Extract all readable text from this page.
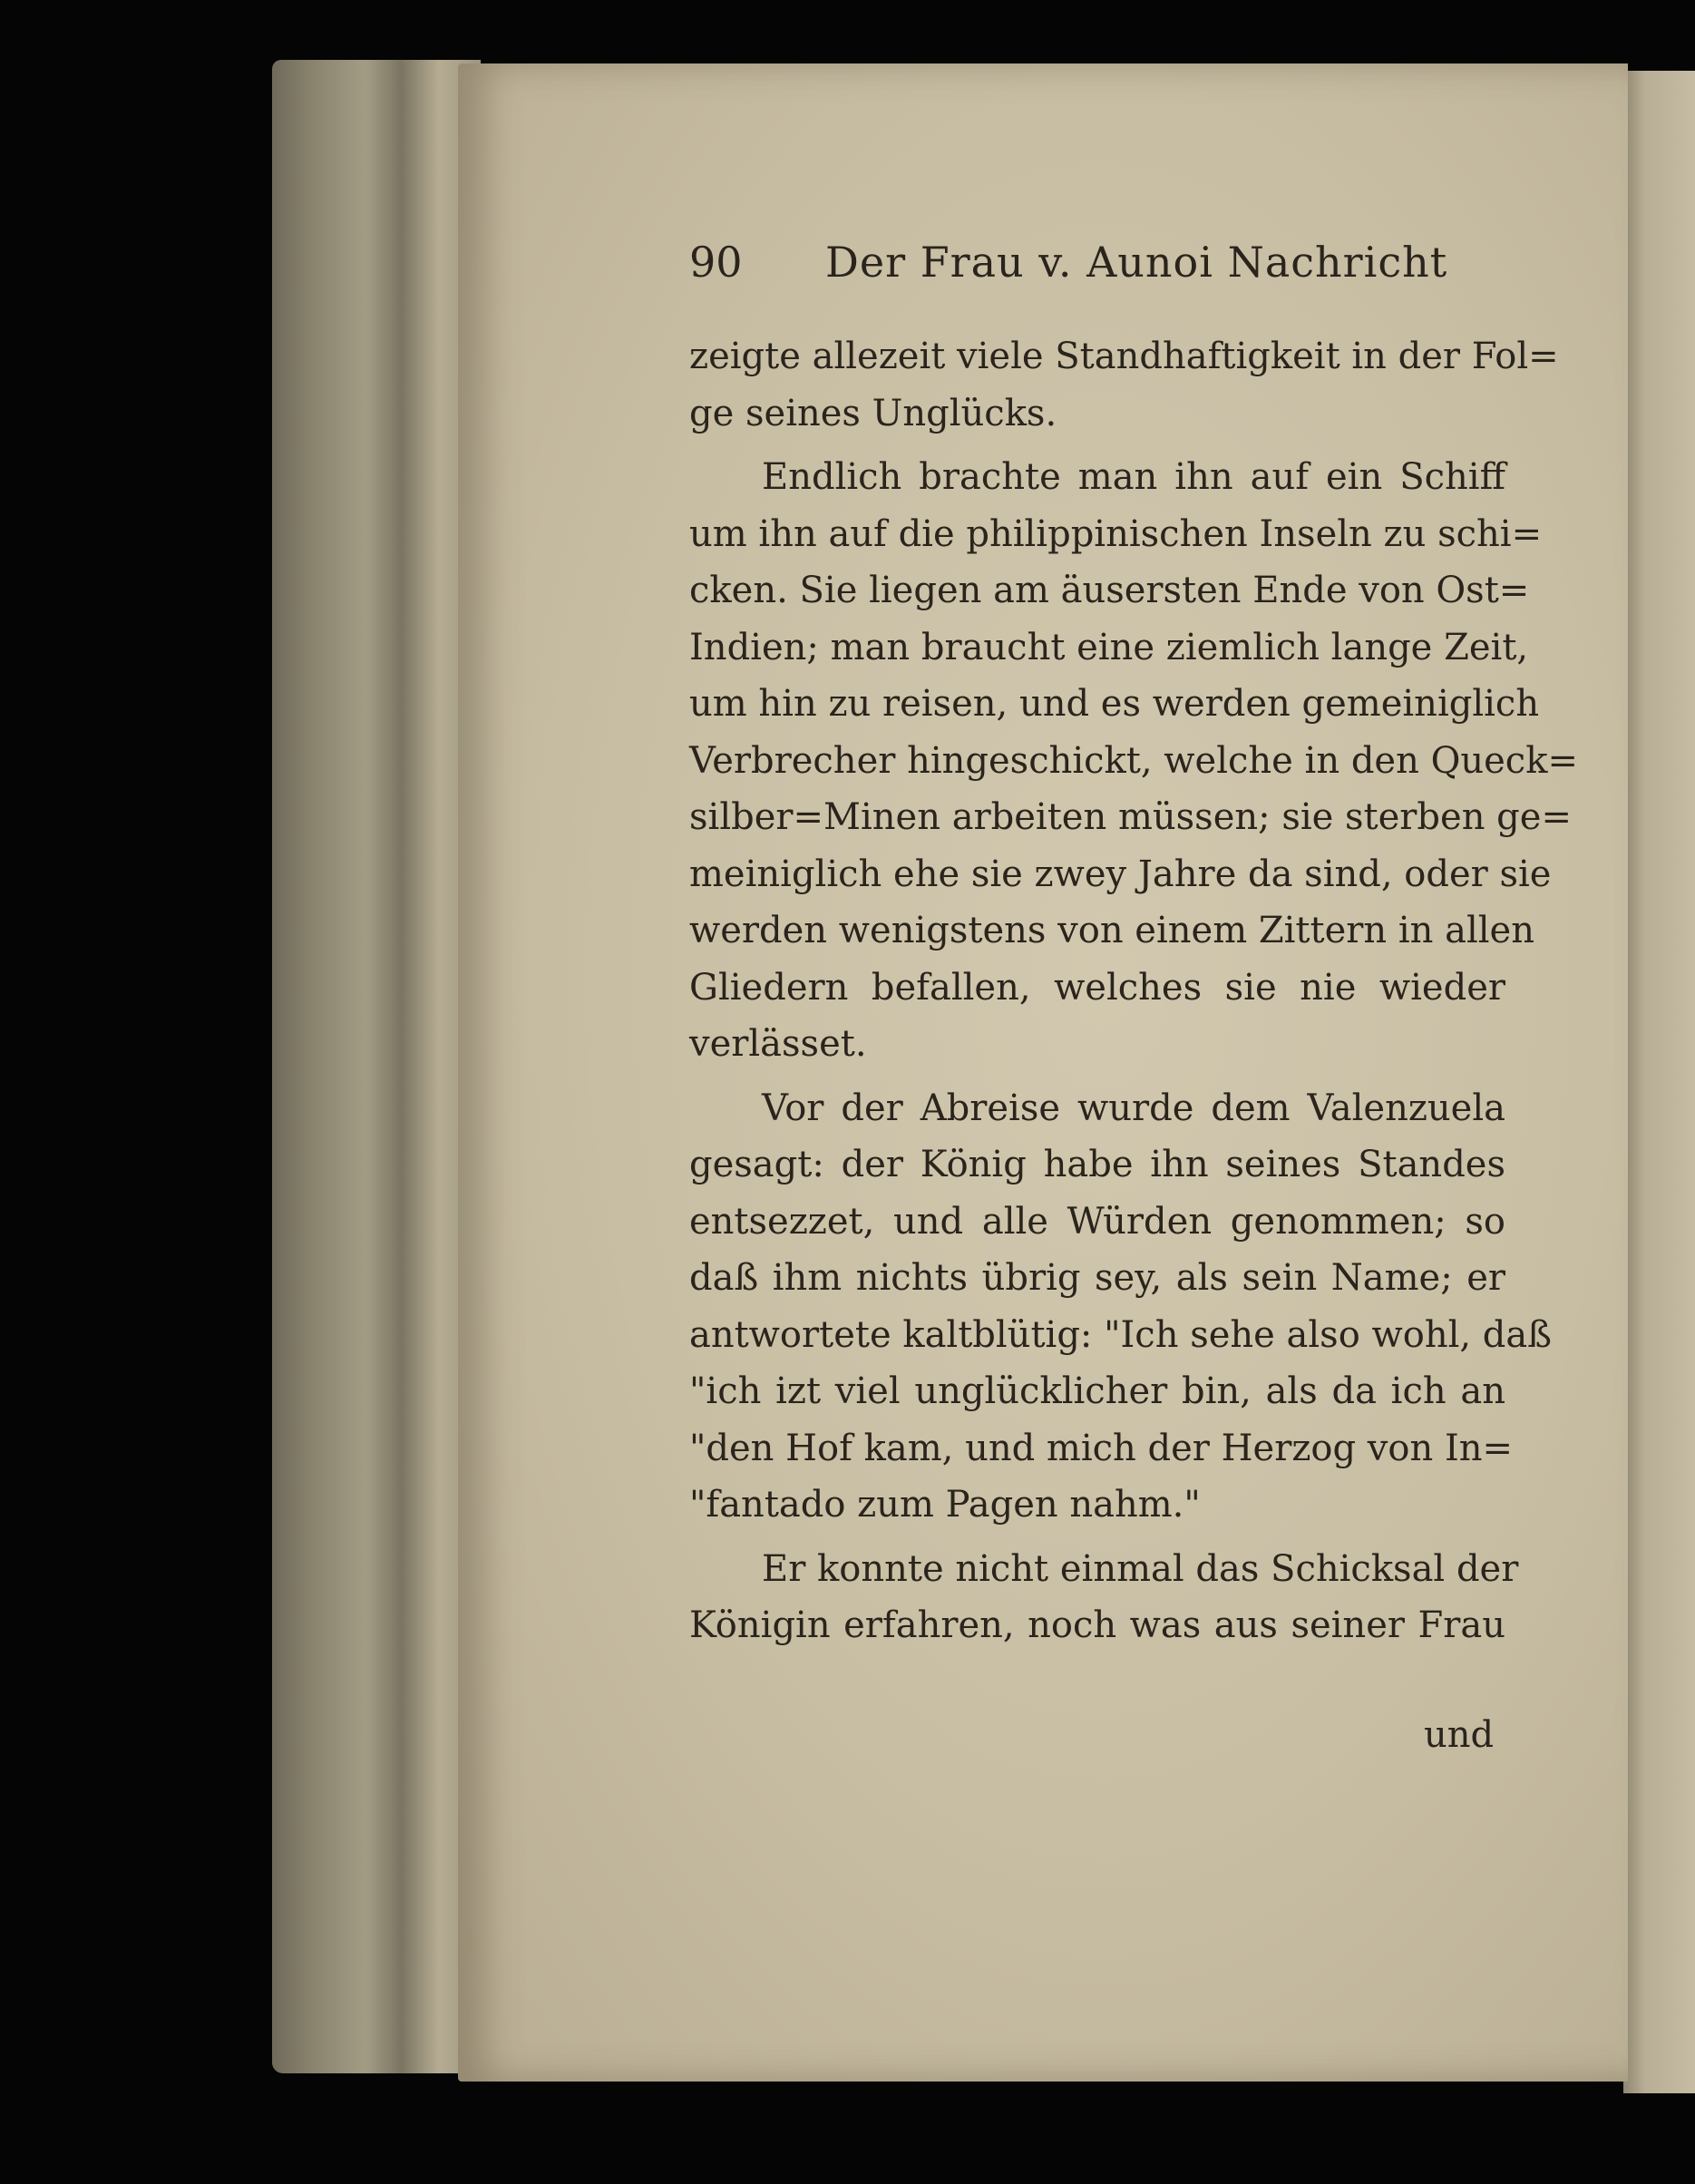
90 Der Frau v. Aunoi Nachricht
zeigte allezeit viele Standhaftigkeit in der Fol=
ge seines Unglücks.
Endlich brachte man ihn auf ein Schiff
um ihn auf die philippinischen Inseln zu schi=
cken. Sie liegen am äusersten Ende von Ost=
Indien; man braucht eine ziemlich lange Zeit,
um hin zu reisen, und es werden gemeiniglich
Verbrecher hingeschickt, welche in den Queck=
silber=Minen arbeiten müssen; sie sterben ge=
meiniglich ehe sie zwey Jahre da sind, oder sie
werden wenigstens von einem Zittern in allen
Gliedern befallen, welches sie nie wieder
verlässet.
Vor der Abreise wurde dem Valenzuela
gesagt: der König habe ihn seines Standes
entsezzet, und alle Würden genommen; so
daß ihm nichts übrig sey, als sein Name; er
antwortete kaltblütig: "Ich sehe also wohl, daß
"ich izt viel unglücklicher bin, als da ich an
"den Hof kam, und mich der Herzog von In=
"fantado zum Pagen nahm."
Er konnte nicht einmal das Schicksal der
Königin erfahren, noch was aus seiner Frau
und
